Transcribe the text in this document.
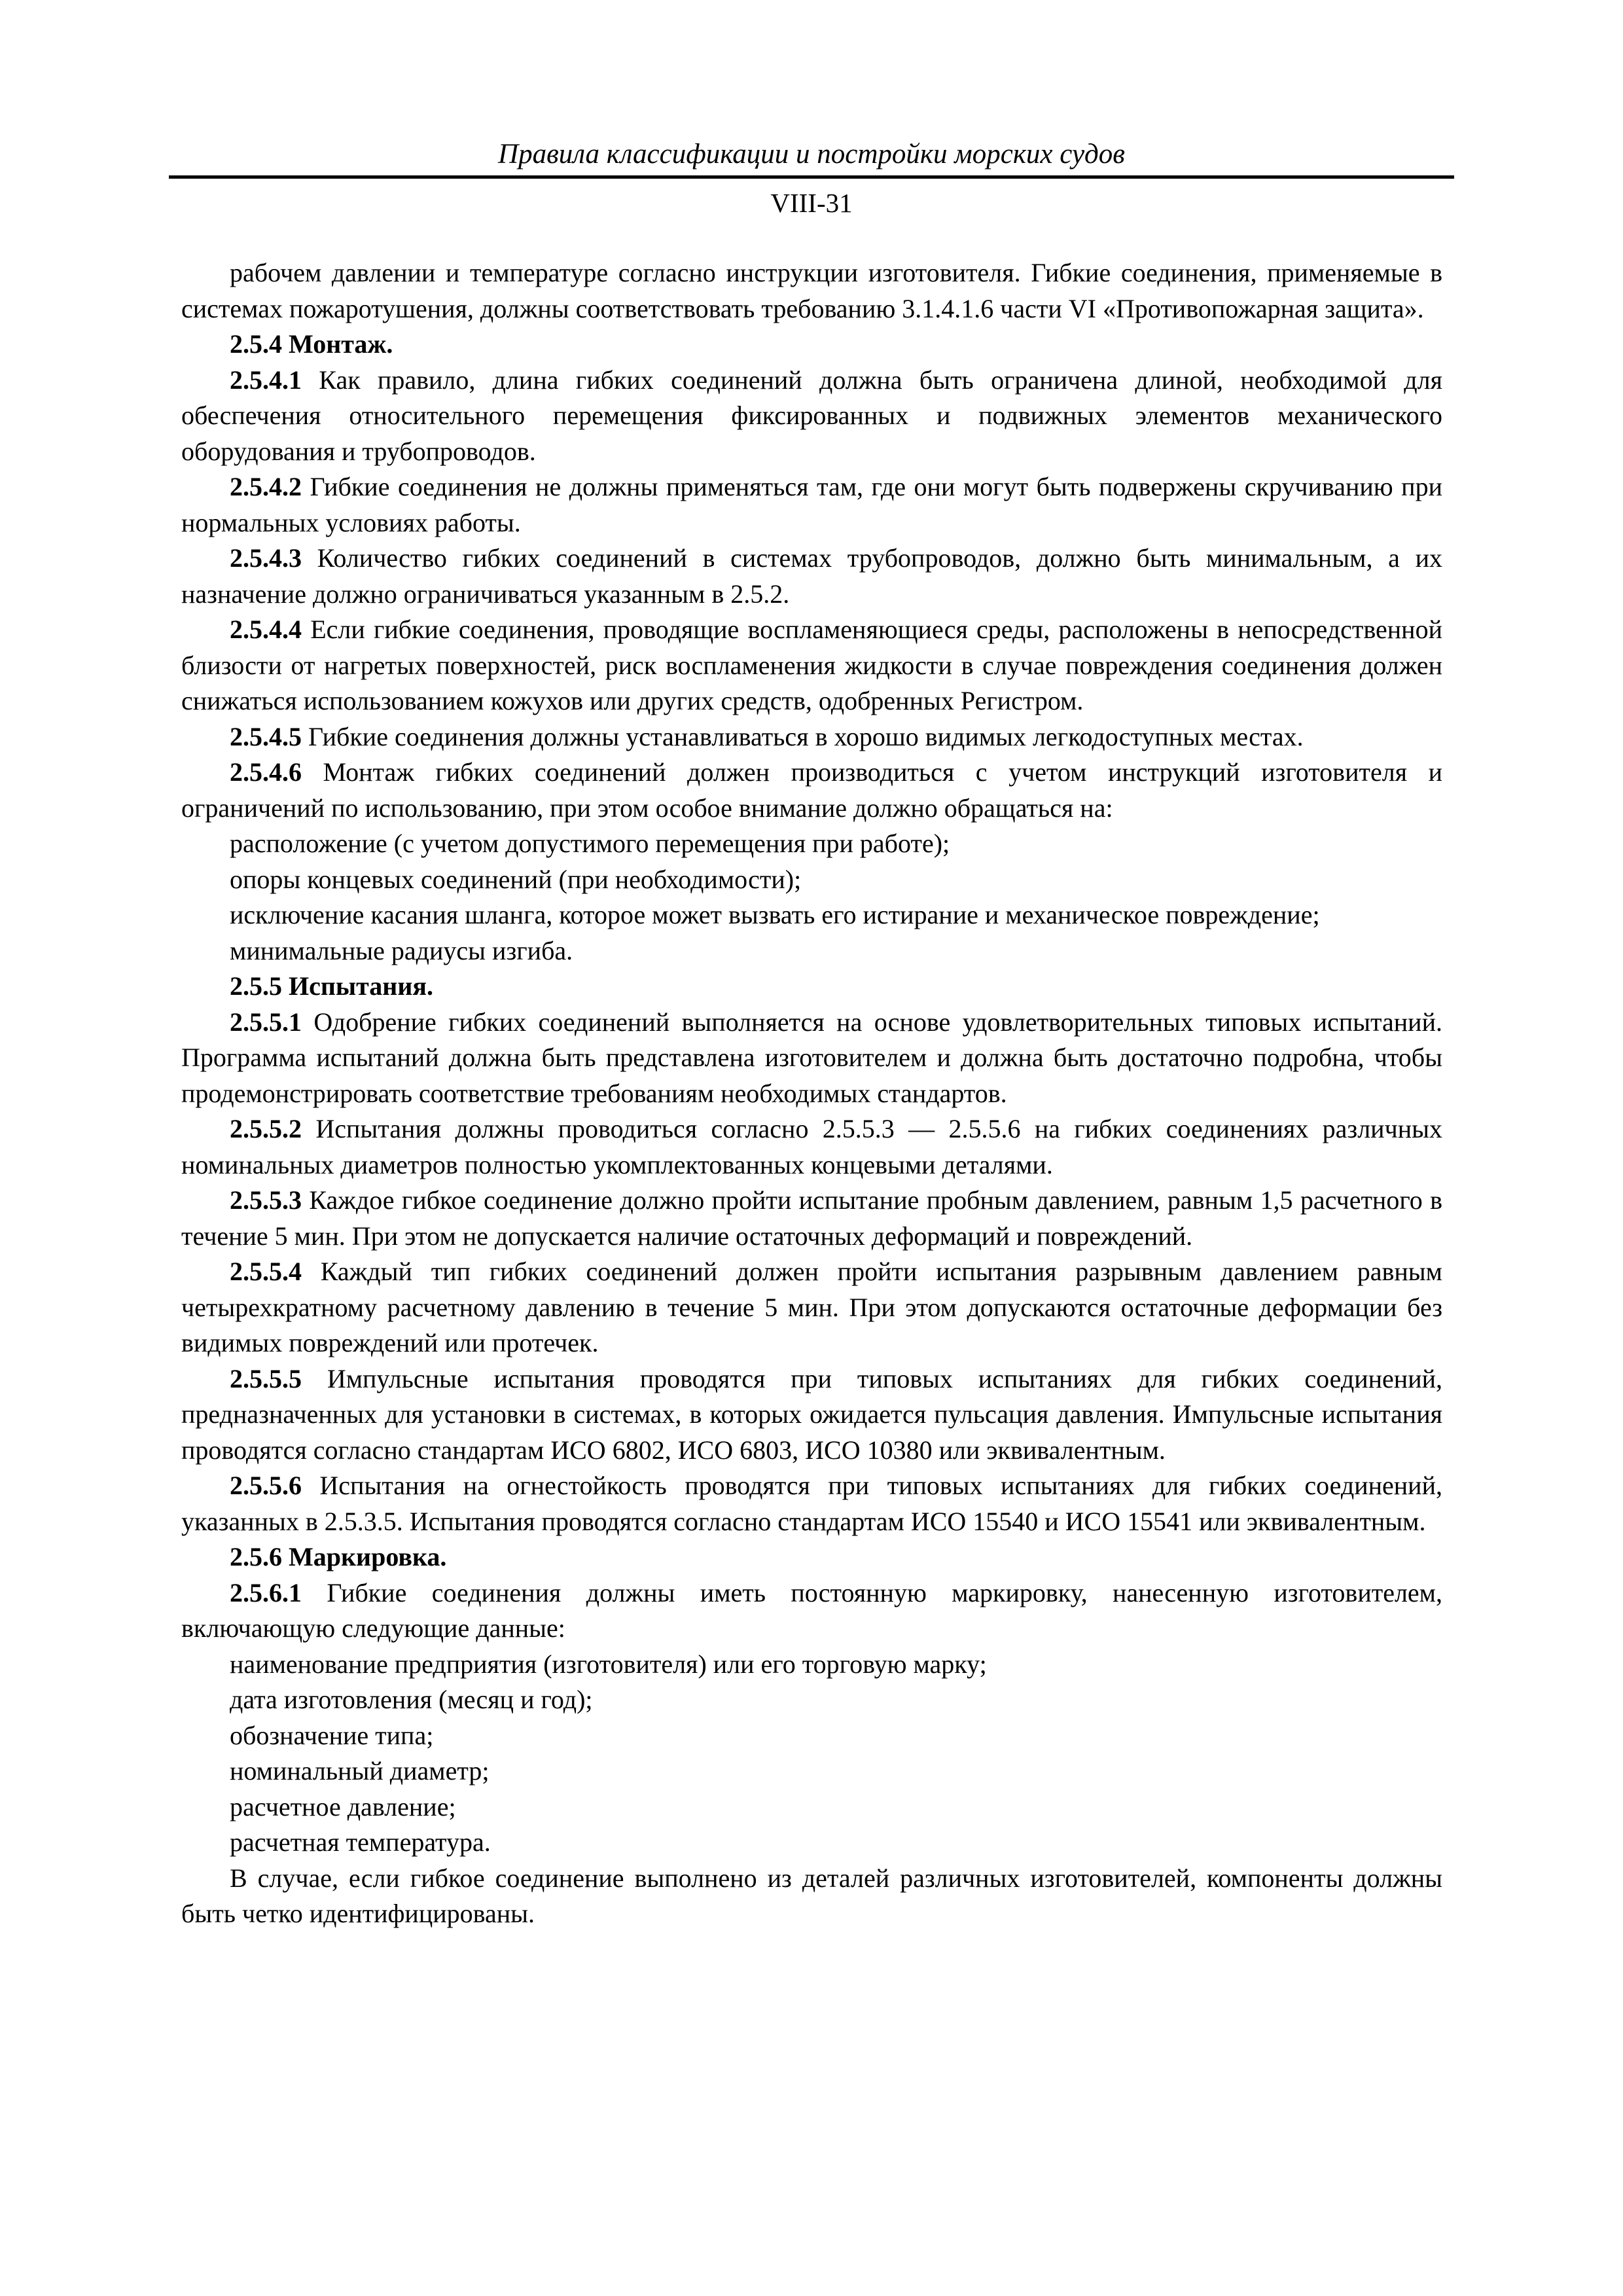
Правила классификации и постройки морских судов
VIII-31

рабочем давлении и температуре согласно инструкции изготовителя. Гибкие соединения, применяемые в системах пожаротушения, должны соответствовать требованию 3.1.4.1.6 части VI «Противопожарная защита».

2.5.4 Монтаж.

2.5.4.1 Как правило, длина гибких соединений должна быть ограничена длиной, необходимой для обеспечения относительного перемещения фиксированных и подвижных элементов механического оборудования и трубопроводов.

2.5.4.2 Гибкие соединения не должны применяться там, где они могут быть подвержены скручиванию при нормальных условиях работы.

2.5.4.3 Количество гибких соединений в системах трубопроводов, должно быть минимальным, а их назначение должно ограничиваться указанным в 2.5.2.

2.5.4.4 Если гибкие соединения, проводящие воспламеняющиеся среды, расположены в непосредственной близости от нагретых поверхностей, риск воспламенения жидкости в случае повреждения соединения должен снижаться использованием кожухов или других средств, одобренных Регистром.

2.5.4.5 Гибкие соединения должны устанавливаться в хорошо видимых легкодоступных местах.

2.5.4.6 Монтаж гибких соединений должен производиться с учетом инструкций изготовителя и ограничений по использованию, при этом особое внимание должно обращаться на:

расположение (с учетом допустимого перемещения при работе);

опоры концевых соединений (при необходимости);

исключение касания шланга, которое может вызвать его истирание и механическое повреждение;

минимальные радиусы изгиба.

2.5.5 Испытания.

2.5.5.1 Одобрение гибких соединений выполняется на основе удовлетворительных типовых испытаний. Программа испытаний должна быть представлена изготовителем и должна быть достаточно подробна, чтобы продемонстрировать соответствие требованиям необходимых стандартов.

2.5.5.2 Испытания должны проводиться согласно 2.5.5.3 — 2.5.5.6 на гибких соединениях различных номинальных диаметров полностью укомплектованных концевыми деталями.

2.5.5.3 Каждое гибкое соединение должно пройти испытание пробным давлением, равным 1,5 расчетного в течение 5 мин. При этом не допускается наличие остаточных деформаций и повреждений.

2.5.5.4 Каждый тип гибких соединений должен пройти испытания разрывным давлением равным четырехкратному расчетному давлению в течение 5 мин. При этом допускаются остаточные деформации без видимых повреждений или протечек.

2.5.5.5 Импульсные испытания проводятся при типовых испытаниях для гибких соединений, предназначенных для установки в системах, в которых ожидается пульсация давления. Импульсные испытания проводятся согласно стандартам ИСО 6802, ИСО 6803, ИСО 10380 или эквивалентным.

2.5.5.6 Испытания на огнестойкость проводятся при типовых испытаниях для гибких соединений, указанных в 2.5.3.5. Испытания проводятся согласно стандартам ИСО 15540 и ИСО 15541 или эквивалентным.

2.5.6 Маркировка.

2.5.6.1 Гибкие соединения должны иметь постоянную маркировку, нанесенную изготовителем, включающую следующие данные:

наименование предприятия (изготовителя) или его торговую марку;

дата изготовления (месяц и год);

обозначение типа;

номинальный диаметр;

расчетное давление;

расчетная температура.

В случае, если гибкое соединение выполнено из деталей различных изготовителей, компоненты должны быть четко идентифицированы.
